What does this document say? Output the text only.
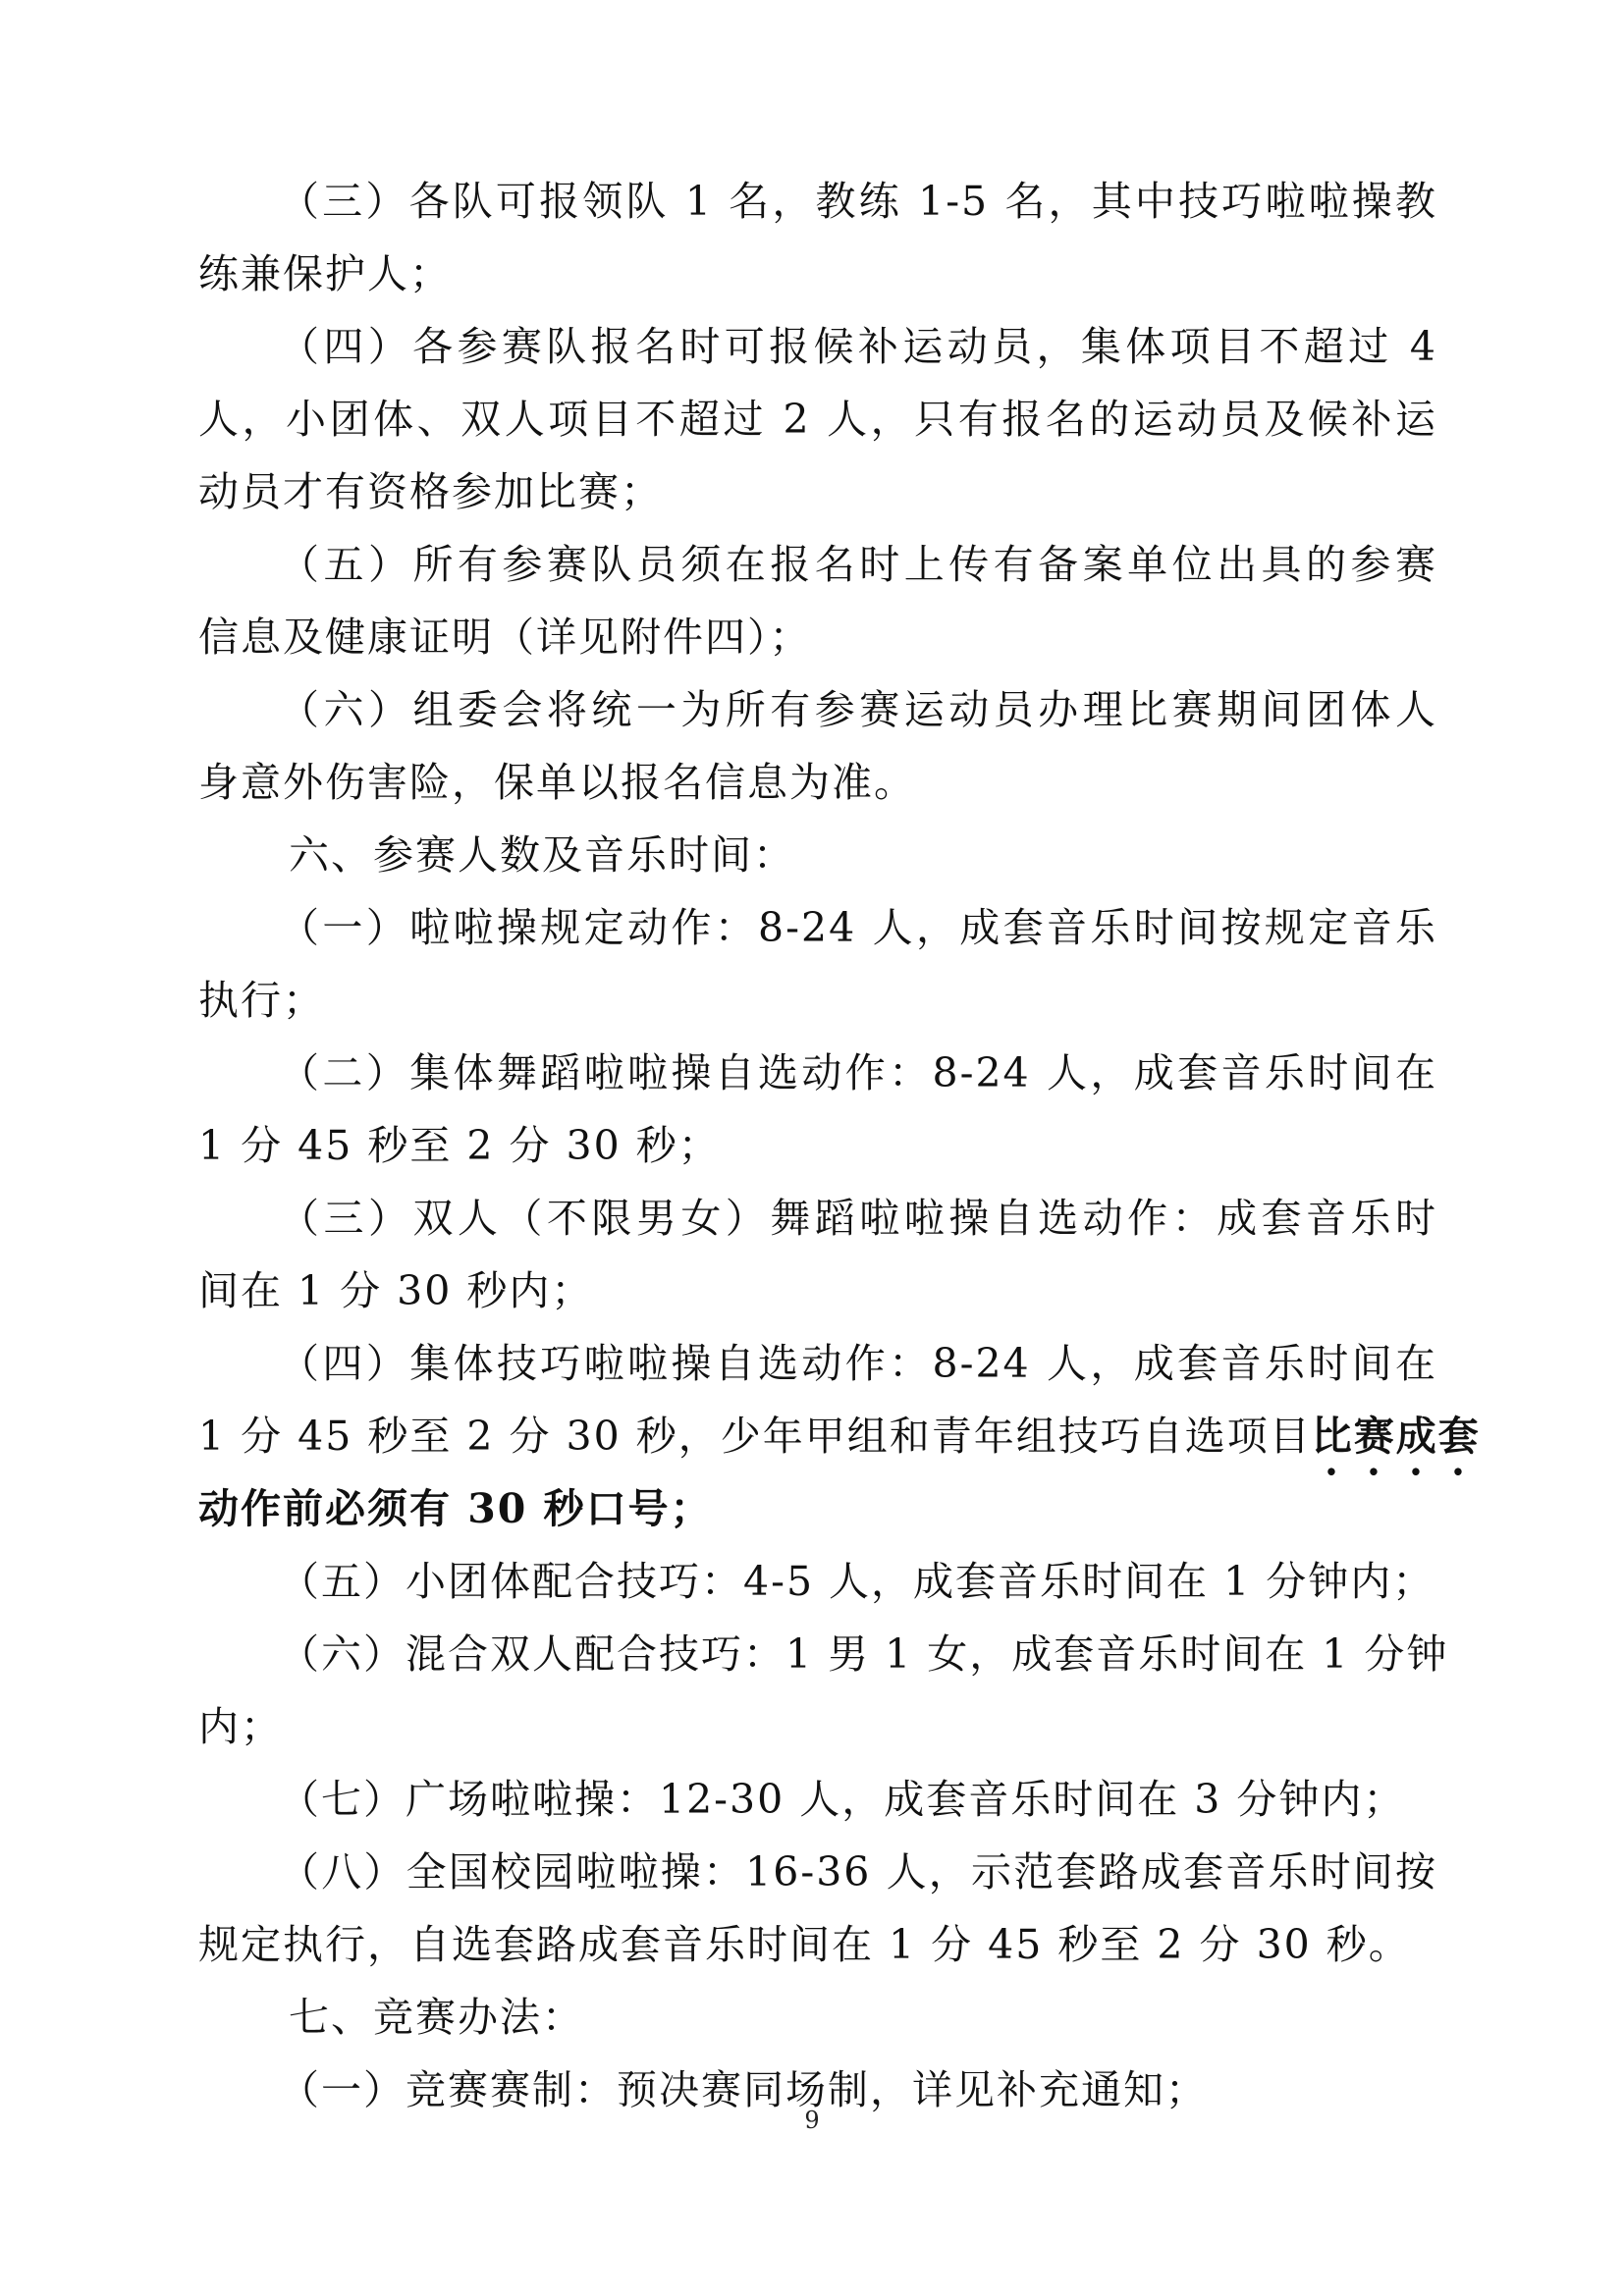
（三）各队可报领队 1 名，教练 1-5 名，其中技巧啦啦操教
练兼保护人；
（四）各参赛队报名时可报候补运动员，集体项目不超过 4
人，小团体、双人项目不超过 2 人，只有报名的运动员及候补运
动员才有资格参加比赛；
（五）所有参赛队员须在报名时上传有备案单位出具的参赛
信息及健康证明（详见附件四）；
（六）组委会将统一为所有参赛运动员办理比赛期间团体人
身意外伤害险，保单以报名信息为准。
六、参赛人数及音乐时间：
（一）啦啦操规定动作：8-24 人，成套音乐时间按规定音乐
执行；
（二）集体舞蹈啦啦操自选动作：8-24 人，成套音乐时间在
1 分 45 秒至 2 分 30 秒；
（三）双人（不限男女）舞蹈啦啦操自选动作：成套音乐时
间在 1 分 30 秒内；
（四）集体技巧啦啦操自选动作：8-24 人，成套音乐时间在
1 分 45 秒至 2 分 30 秒，少年甲组和青年组技巧自选项目比赛成套
动作前必须有 30 秒口号；
（五）小团体配合技巧：4-5 人，成套音乐时间在 1 分钟内；
（六）混合双人配合技巧：1 男 1 女，成套音乐时间在 1 分钟
内；
（七）广场啦啦操：12-30 人，成套音乐时间在 3 分钟内；
（八）全国校园啦啦操：16-36 人，示范套路成套音乐时间按
规定执行，自选套路成套音乐时间在 1 分 45 秒至 2 分 30 秒。
七、竞赛办法：
（一）竞赛赛制：预决赛同场制，详见补充通知；
9
